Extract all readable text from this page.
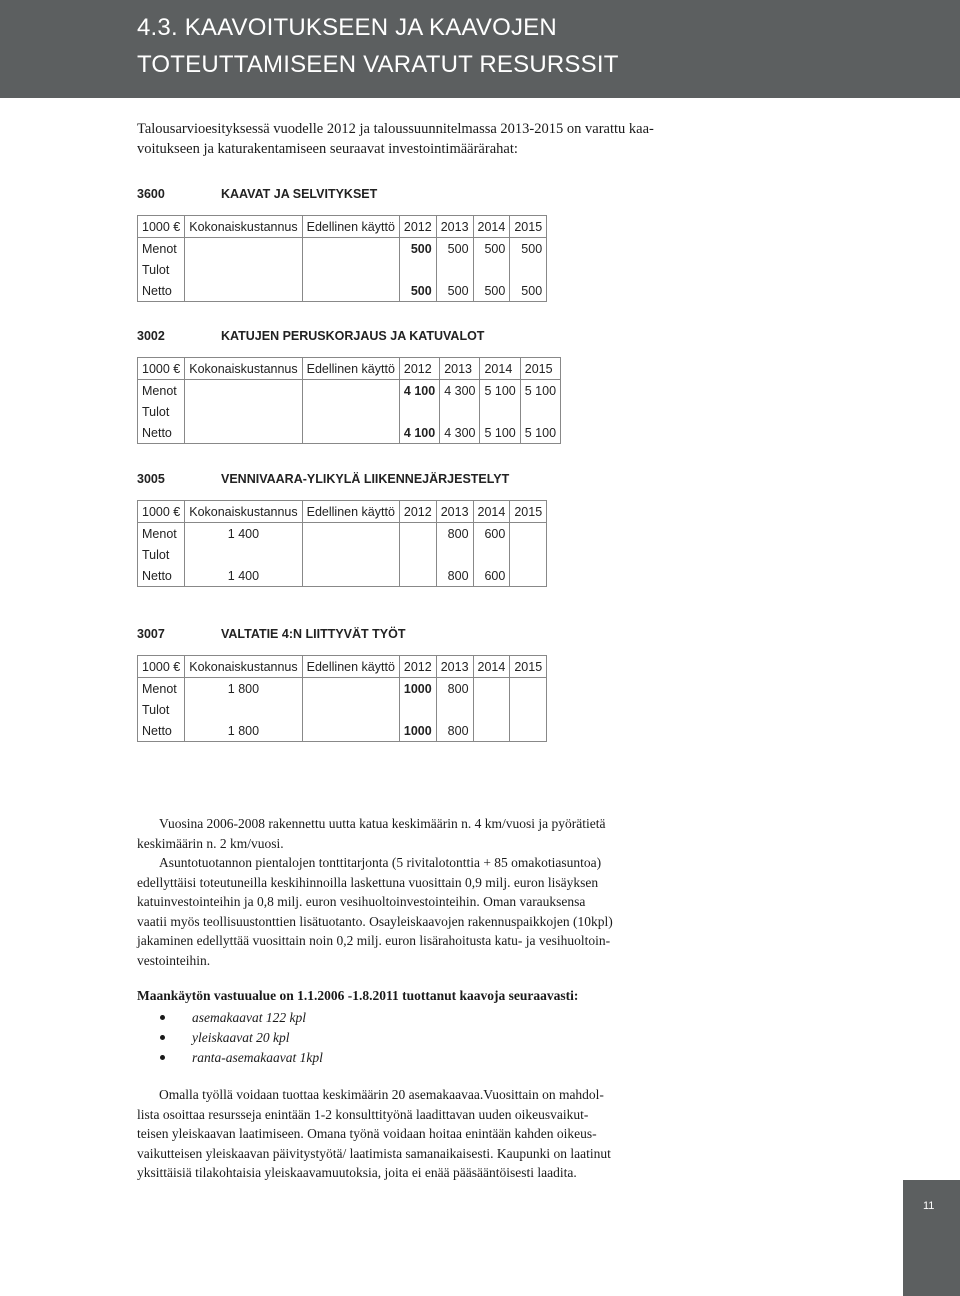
4.3. KAAVOITUKSEEN JA KAAVOJEN
TOTEUTTAMISEEN VARATUT RESURSSIT
Talousarvioesityksessä vuodelle 2012 ja taloussuunnitelmassa 2013-2015 on varattu kaa-
voitukseen ja katurakentamiseen seuraavat investointimäärärahat:
3600	KAAVAT JA SELVITYKSET
1000 €	Kokonaiskustannus	Edellinen käyttö	2012	2013	2014	2015
Menot			500	500	500	500
Tulot						
Netto			500	500	500	500
3002	KATUJEN PERUSKORJAUS JA KATUVALOT
1000 €	Kokonaiskustannus	Edellinen käyttö	2012	2013	2014	2015
Menot			4 100	4 300	5 100	5 100
Tulot						
Netto			4 100	4 300	5 100	5 100
3005	VENNIVAARA-YLIKYLÄ LIIKENNEJÄRJESTELYT
1000 €	Kokonaiskustannus	Edellinen käyttö	2012	2013	2014	2015
Menot	1 400			800	600	
Tulot						
Netto	1 400			800	600	
3007	VALTATIE 4:N LIITTYVÄT TYÖT
1000 €	Kokonaiskustannus	Edellinen käyttö	2012	2013	2014	2015
Menot	1 800		1000	800		
Tulot						
Netto	1 800		1000	800		
Vuosina 2006-2008 rakennettu uutta katua keskimäärin n. 4 km/vuosi ja pyörätietä
keskimäärin n. 2 km/vuosi.
Asuntotuotannon pientalojen tonttitarjonta (5 rivitalotonttia + 85 omakotiasuntoa)
edellyttäisi toteutuneilla keskihinnoilla laskettuna vuosittain 0,9 milj. euron lisäyksen
katuinvestointeihin ja 0,8 milj. euron vesihuoltoinvestointeihin. Oman varauksensa
vaatii myös teollisuustonttien lisätuotanto. Osayleiskaavojen rakennuspaikkojen (10kpl)
jakaminen edellyttää vuosittain noin 0,2 milj. euron lisärahoitusta katu- ja vesihuoltoin-
vestointeihin.
Maankäytön vastuualue on 1.1.2006 -1.8.2011 tuottanut kaavoja seuraavasti:
asemakaavat 122 kpl
yleiskaavat 20 kpl
ranta-asemakaavat 1kpl
Omalla työllä voidaan tuottaa keskimäärin 20 asemakaavaa.Vuosittain on mahdol-
lista osoittaa resursseja enintään 1-2 konsulttityönä laadittavan uuden oikeusvaikut-
teisen yleiskaavan laatimiseen. Omana työnä voidaan hoitaa enintään kahden oikeus-
vaikutteisen yleiskaavan päivitystyötä/ laatimista samanaikaisesti. Kaupunki on laatinut
yksittäisiä tilakohtaisia yleiskaavamuutoksia, joita ei enää pääsääntöisesti laadita.
11
